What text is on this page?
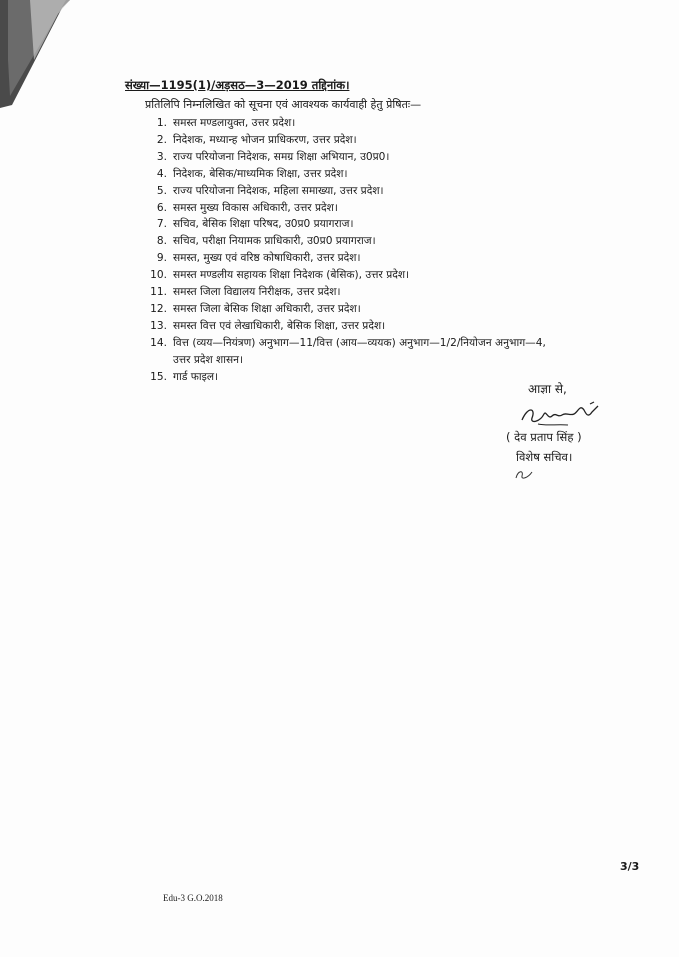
संख्या—1195(1)/अड़सठ—3—2019 तद्दिनांक।
प्रतिलिपि निम्नलिखित को सूचना एवं आवश्यक कार्यवाही हेतु प्रेषितः—
1. समस्त मण्डलायुक्त, उत्तर प्रदेश।
2. निदेशक, मध्यान्ह भोजन प्राधिकरण, उत्तर प्रदेश।
3. राज्य परियोजना निदेशक, समग्र शिक्षा अभियान, उ0प्र0।
4. निदेशक, बेसिक/माध्यमिक शिक्षा, उत्तर प्रदेश।
5. राज्य परियोजना निदेशक, महिला समाख्या, उत्तर प्रदेश।
6. समस्त मुख्य विकास अधिकारी, उत्तर प्रदेश।
7. सचिव, बेसिक शिक्षा परिषद, उ0प्र0 प्रयागराज।
8. सचिव, परीक्षा नियामक प्राधिकारी, उ0प्र0 प्रयागराज।
9. समस्त, मुख्य एवं वरिष्ठ कोषाधिकारी, उत्तर प्रदेश।
10. समस्त मण्डलीय सहायक शिक्षा निदेशक (बेसिक), उत्तर प्रदेश।
11. समस्त जिला विद्यालय निरीक्षक, उत्तर प्रदेश।
12. समस्त जिला बेसिक शिक्षा अधिकारी, उत्तर प्रदेश।
13. समस्त वित्त एवं लेखाधिकारी, बेसिक शिक्षा, उत्तर प्रदेश।
14. वित्त (व्यय—नियंत्रण) अनुभाग—11/वित्त (आय—व्ययक) अनुभाग—1/2/नियोजन अनुभाग—4,
उत्तर प्रदेश शासन।
15. गार्ड फाइल।
आज्ञा से,
( देव प्रताप सिंह )
विशेष सचिव।
3/3
Edu-3 G.O.2018
